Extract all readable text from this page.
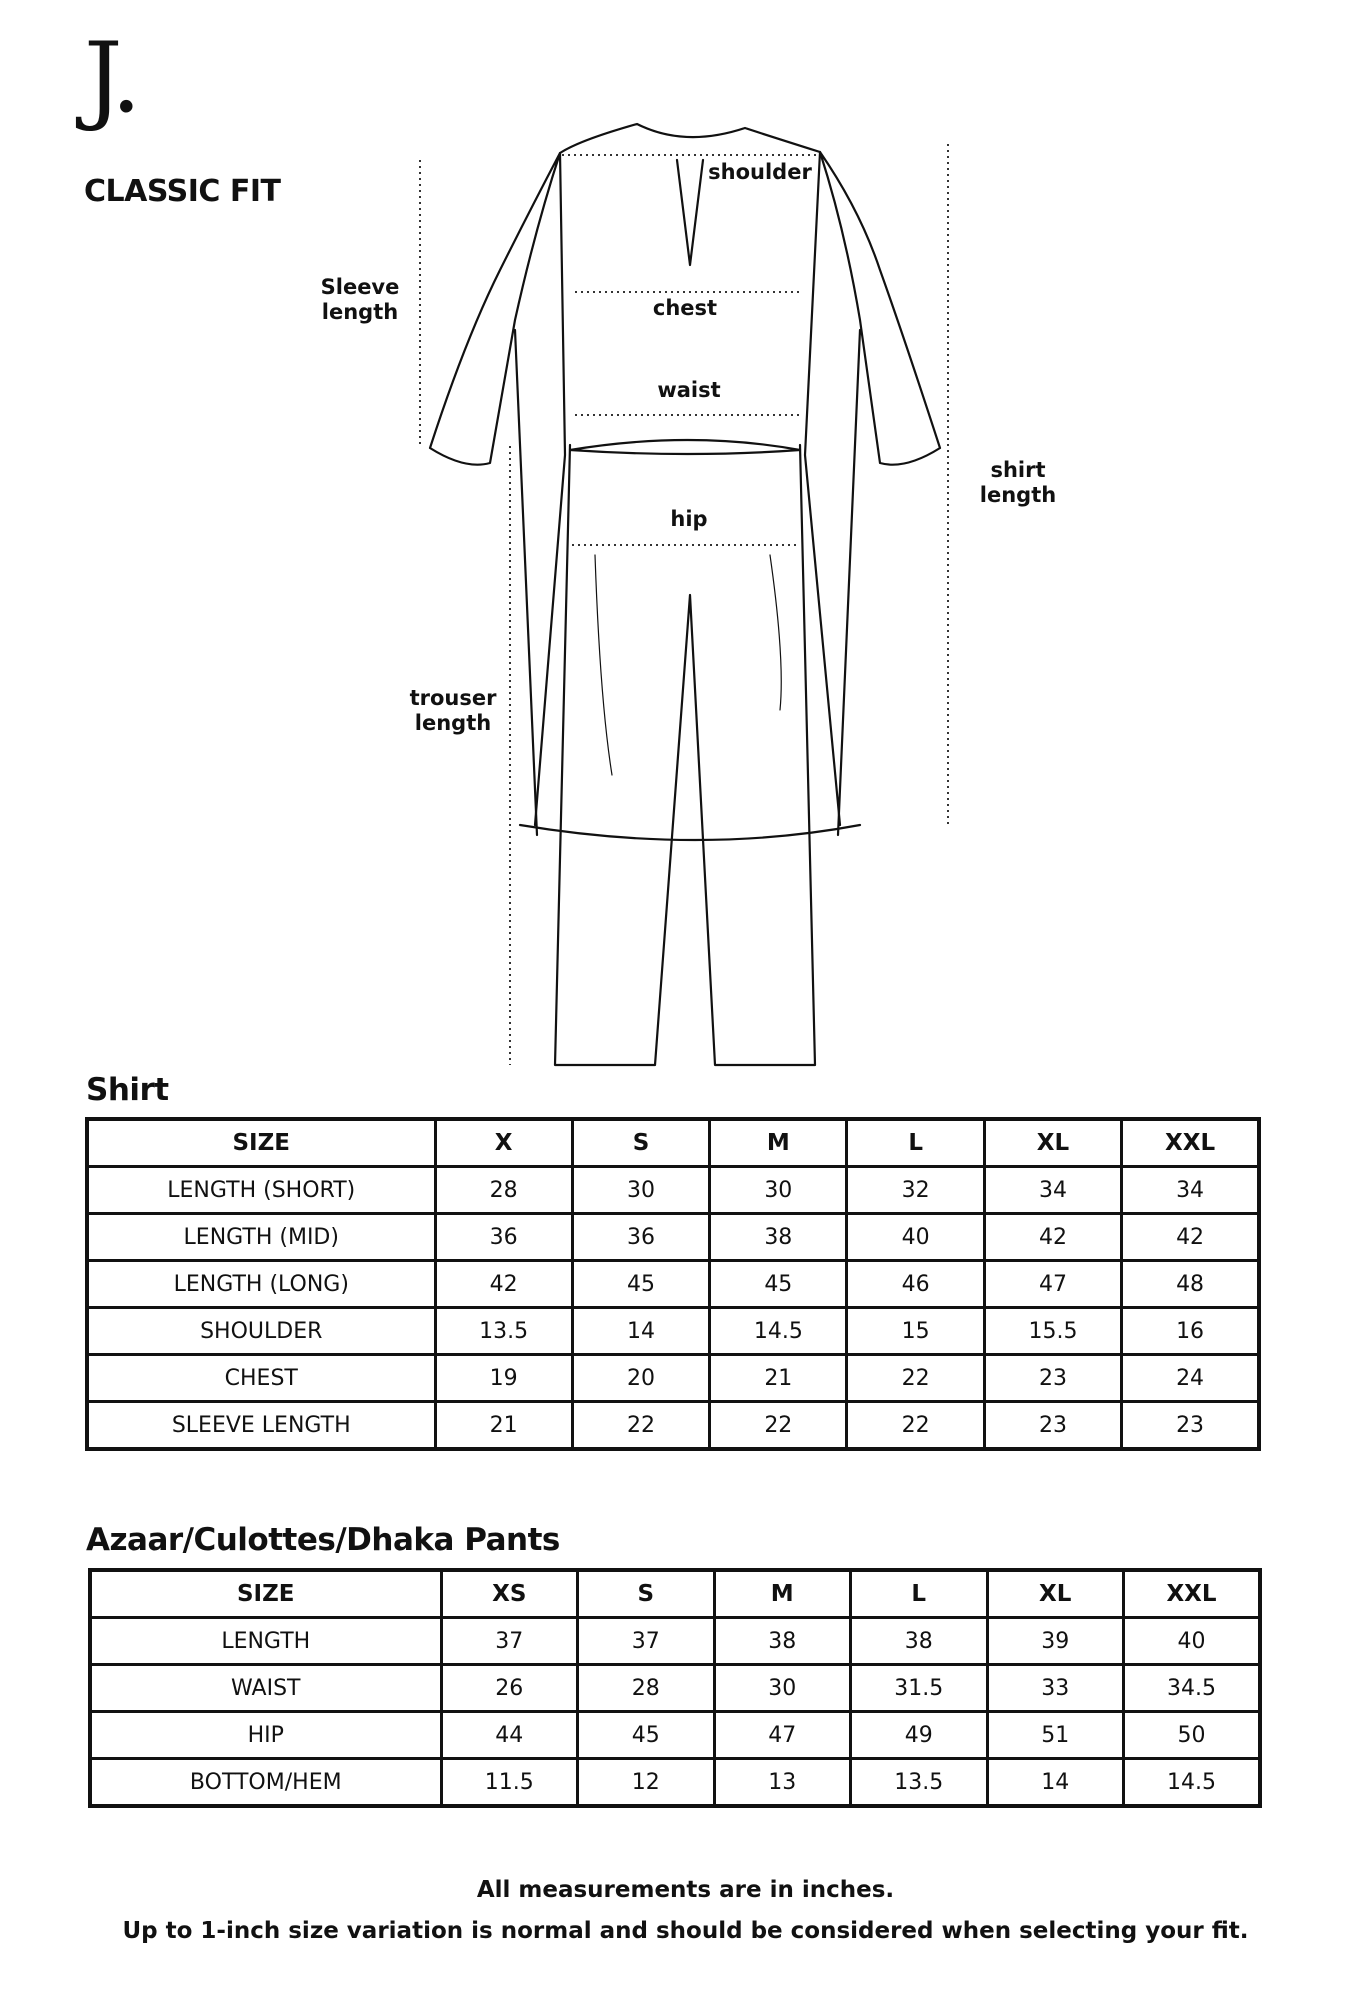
J.
CLASSIC FIT
shoulder
Sleeve
length	chest
waist
shirt
length
hip
trouser
length
Shirt
SIZE	X	S	M	L	XL	XXL
LENGTH (SHORT)	28	30	30	32	34	34
LENGTH (MID)	36	36	38	40	42	42
LENGTH (LONG)	42	45	45	46	47	48
SHOULDER	13.5	14	14.5	15	15.5	16
CHEST	19	20	21	22	23	24
SLEEVE LENGTH	21	22	22	22	23	23
Azaar/Culottes/Dhaka Pants
SIZE	XS	S	M	L	XL	XXL
LENGTH	37	37	38	38	39	40
WAIST	26	28	30	31.5	33	34.5
HIP	44	45	47	49	51	50
BOTTOM/HEM	11.5	12	13	13.5	14	14.5
All measurements are in inches.
Up to 1-inch size variation is normal and should be considered when selecting your fit.
